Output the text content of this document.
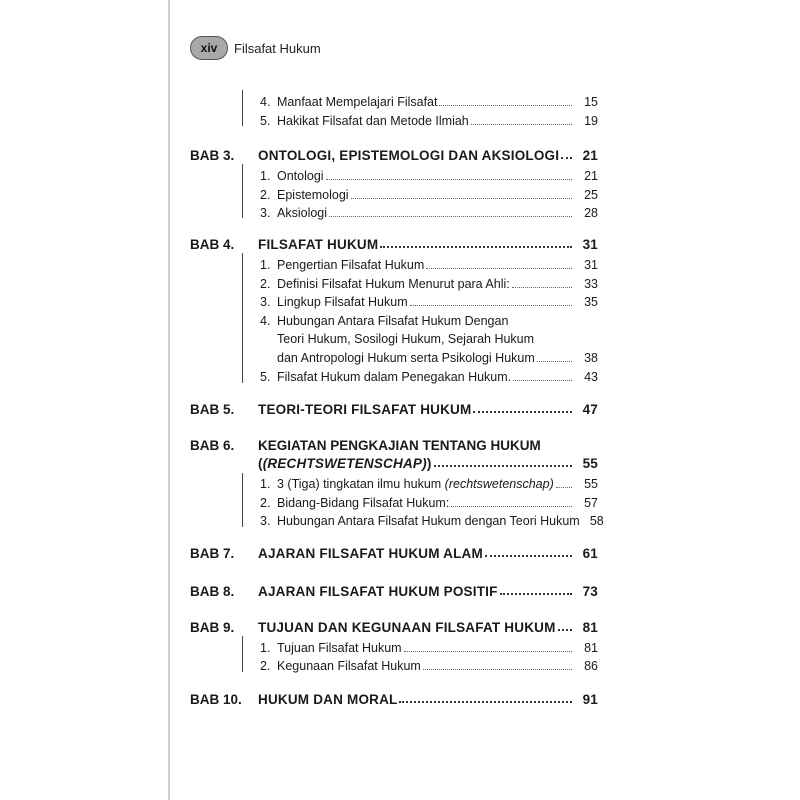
xiv	Filsafat Hukum
4. Manfaat Mempelajari Filsafat	15
5. Hakikat Filsafat dan Metode Ilmiah	19
BAB 3. ONTOLOGI, EPISTEMOLOGI DAN AKSIOLOGI	21
1. Ontologi	21
2. Epistemologi	25
3. Aksiologi	28
BAB 4. FILSAFAT HUKUM	31
1. Pengertian Filsafat Hukum	31
2. Definisi Filsafat Hukum Menurut para Ahli:	33
3. Lingkup Filsafat Hukum	35
4. Hubungan Antara Filsafat Hukum Dengan
Teori Hukum, Sosilogi Hukum, Sejarah Hukum
dan Antropologi Hukum serta Psikologi Hukum	38
5. Filsafat Hukum dalam Penegakan Hukum.	43
BAB 5. TEORI-TEORI FILSAFAT HUKUM	47
BAB 6. KEGIATAN PENGKAJIAN TENTANG HUKUM
((RECHTSWETENSCHAP))	55
1. 3 (Tiga) tingkatan ilmu hukum (rechtswetenschap)	55
2. Bidang-Bidang Filsafat Hukum:	57
3. Hubungan Antara Filsafat Hukum dengan Teori Hukum 58
BAB 7. AJARAN FILSAFAT HUKUM ALAM	61
BAB 8. AJARAN FILSAFAT HUKUM POSITIF	73
BAB 9. TUJUAN DAN KEGUNAAN FILSAFAT HUKUM	81
1. Tujuan Filsafat Hukum	81
2. Kegunaan Filsafat Hukum	86
BAB 10. HUKUM DAN MORAL	91
